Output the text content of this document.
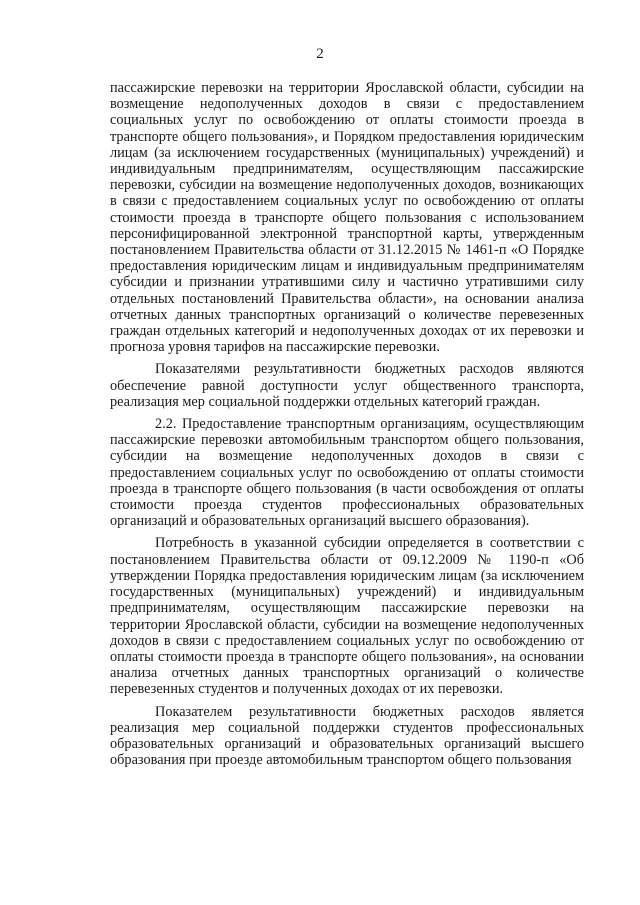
2

пассажирские перевозки на территории Ярославской области, субсидии на возмещение недополученных доходов в связи с предоставлением социальных услуг по освобождению от оплаты стоимости проезда в транспорте общего пользования», и Порядком предоставления юридическим лицам (за исключением государственных (муниципальных) учреждений) и индивидуальным предпринимателям, осуществляющим пассажирские перевозки, субсидии на возмещение недополученных доходов, возникающих в связи с предоставлением социальных услуг по освобождению от оплаты стоимости проезда в транспорте общего пользования с использованием персонифицированной электронной транспортной карты, утвержденным постановлением Правительства области от 31.12.2015 № 1461-п «О Порядке предоставления юридическим лицам и индивидуальным предпринимателям субсидии и признании утратившими силу и частично утратившими силу отдельных постановлений Правительства области», на основании анализа отчетных данных транспортных организаций о количестве перевезенных граждан отдельных категорий и недополученных доходах от их перевозки и прогноза уровня тарифов на пассажирские перевозки.

Показателями результативности бюджетных расходов являются обеспечение равной доступности услуг общественного транспорта, реализация мер социальной поддержки отдельных категорий граждан.

2.2. Предоставление транспортным организациям, осуществляющим пассажирские перевозки автомобильным транспортом общего пользования, субсидии на возмещение недополученных доходов в связи с предоставлением социальных услуг по освобождению от оплаты стоимости проезда в транспорте общего пользования (в части освобождения от оплаты стоимости проезда студентов профессиональных образовательных организаций и образовательных организаций высшего образования).

Потребность в указанной субсидии определяется в соответствии с постановлением Правительства области от 09.12.2009 № 1190-п «Об утверждении Порядка предоставления юридическим лицам (за исключением государственных (муниципальных) учреждений) и индивидуальным предпринимателям, осуществляющим пассажирские перевозки на территории Ярославской области, субсидии на возмещение недополученных доходов в связи с предоставлением социальных услуг по освобождению от оплаты стоимости проезда в транспорте общего пользования», на основании анализа отчетных данных транспортных организаций о количестве перевезенных студентов и полученных доходах от их перевозки.

Показателем результативности бюджетных расходов является реализация мер социальной поддержки студентов профессиональных образовательных организаций и образовательных организаций высшего образования при проезде автомобильным транспортом общего пользования
